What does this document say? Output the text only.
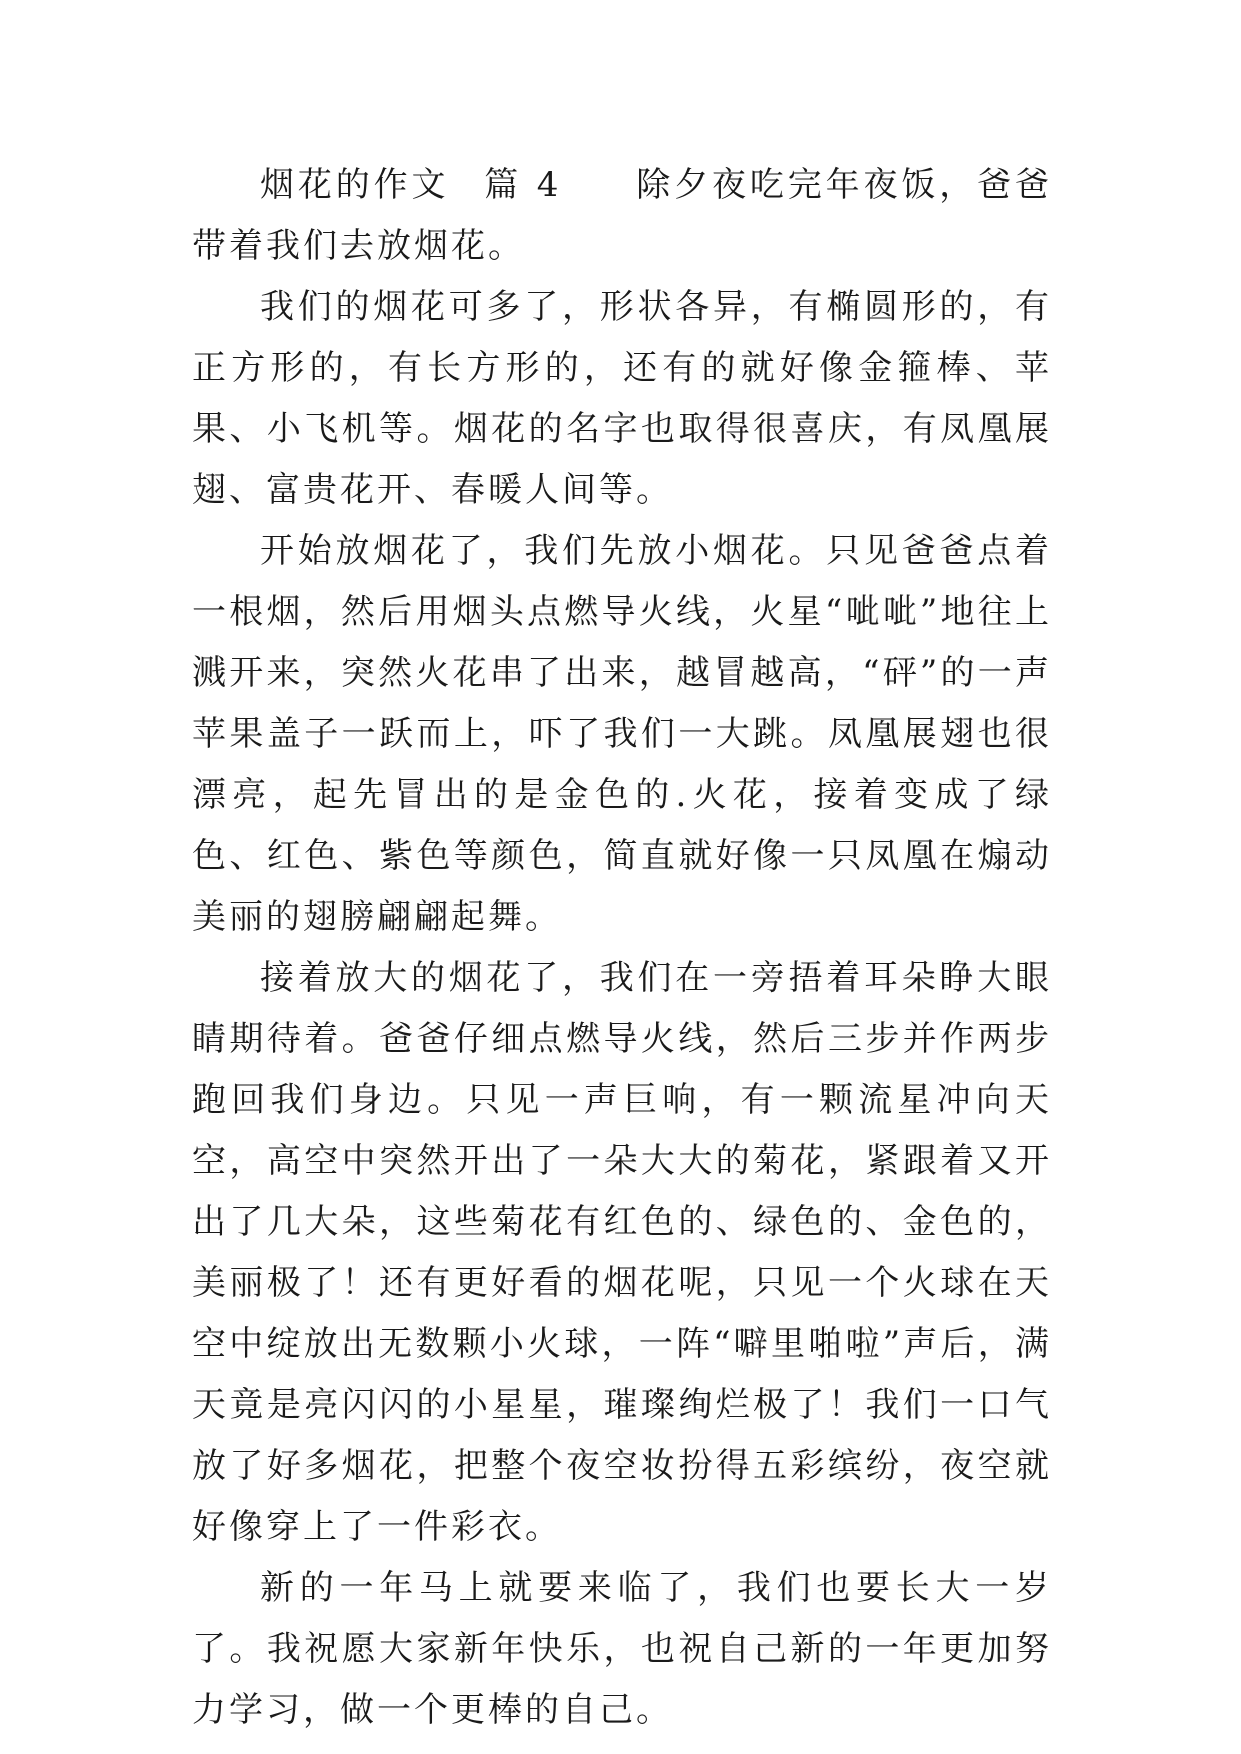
烟花的作文 篇 4 除夕夜吃完年夜饭，爸爸带着我们去放烟花。

我们的烟花可多了，形状各异，有椭圆形的，有正方形的，有长方形的，还有的就好像金箍棒、苹果、小飞机等。烟花的名字也取得很喜庆，有凤凰展翅、富贵花开、春暖人间等。

开始放烟花了，我们先放小烟花。只见爸爸点着一根烟，然后用烟头点燃导火线，火星“呲呲”地往上溅开来，突然火花串了出来，越冒越高，“砰”的一声苹果盖子一跃而上，吓了我们一大跳。凤凰展翅也很漂亮，起先冒出的是金色的.火花，接着变成了绿色、红色、紫色等颜色，简直就好像一只凤凰在煽动美丽的翅膀翩翩起舞。

接着放大的烟花了，我们在一旁捂着耳朵睁大眼睛期待着。爸爸仔细点燃导火线，然后三步并作两步跑回我们身边。只见一声巨响，有一颗流星冲向天空，高空中突然开出了一朵大大的菊花，紧跟着又开出了几大朵，这些菊花有红色的、绿色的、金色的，美丽极了！还有更好看的烟花呢，只见一个火球在天空中绽放出无数颗小火球，一阵“噼里啪啦”声后，满天竟是亮闪闪的小星星，璀璨绚烂极了！我们一口气放了好多烟花，把整个夜空妆扮得五彩缤纷，夜空就好像穿上了一件彩衣。

新的一年马上就要来临了，我们也要长大一岁了。我祝愿大家新年快乐，也祝自己新的一年更加努力学习，做一个更棒的自己。
